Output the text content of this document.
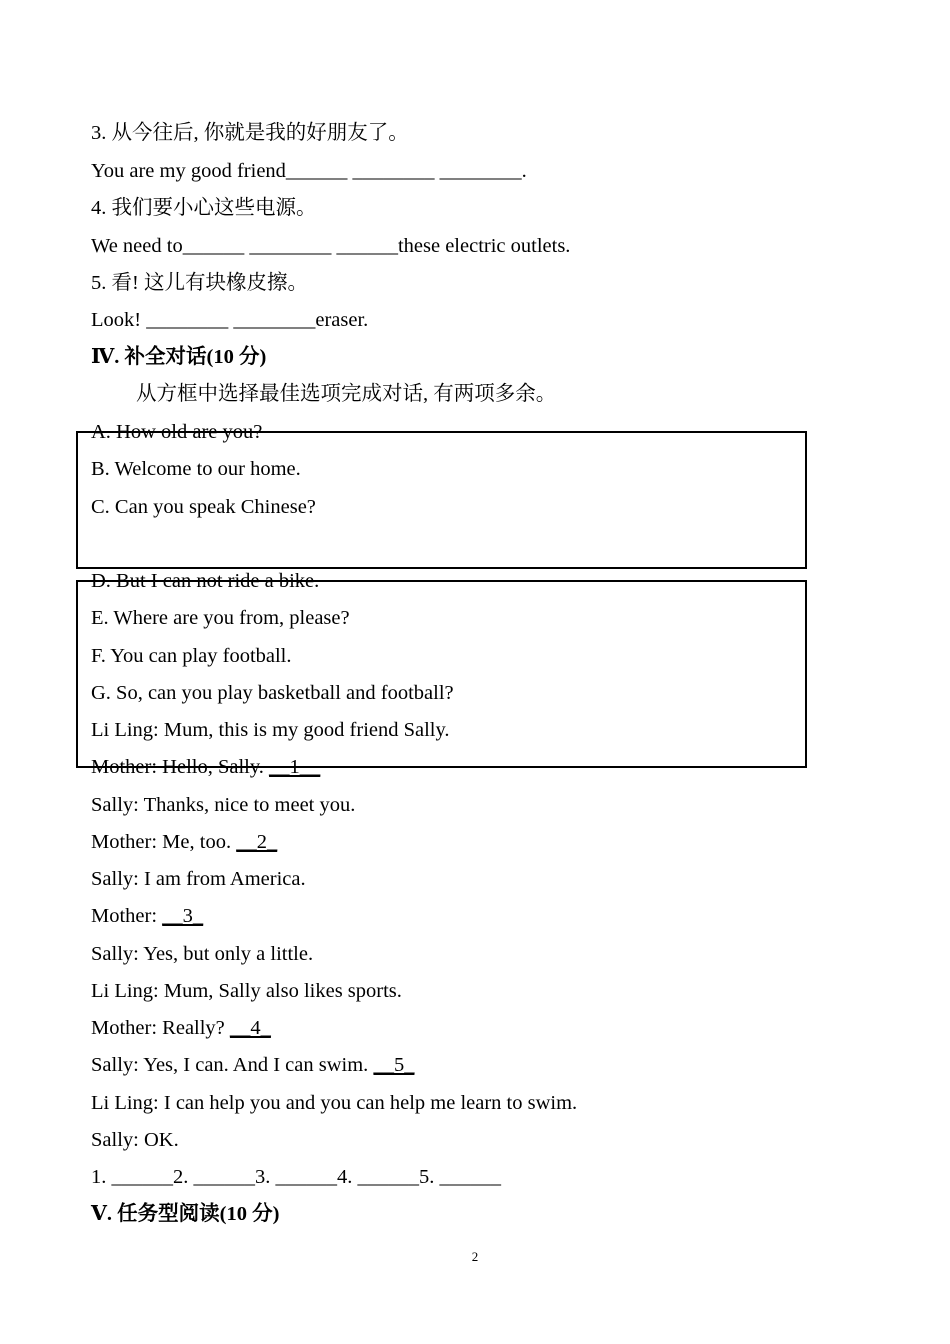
3. 从今往后, 你就是我的好朋友了。
You are my good friend______ ________ ________.
4. 我们要小心这些电源。
We need to______ ________ ______these electric outlets.
5. 看! 这儿有块橡皮擦。
Look! ________ ________eraser.
Ⅳ. 补全对话(10 分)
从方框中选择最佳选项完成对话, 有两项多余。
A. How old are you?
B. Welcome to our home.
C. Can you speak Chinese?
D. But I can not ride a bike.
E. Where are you from, please?
F. You can play football.
G. So, can you play basketball and football?
Li Ling: Mum, this is my good friend Sally.
Mother: Hello, Sally. __1__
Sally: Thanks, nice to meet you.
Mother: Me, too. __2_
Sally: I am from America.
Mother: __3_
Sally: Yes, but only a little.
Li Ling: Mum, Sally also likes sports.
Mother: Really? __4_
Sally: Yes, I can. And I can swim. __5_
Li Ling: I can help you and you can help me learn to swim.
Sally: OK.
1. ______2. ______3. ______4. ______5. ______
Ⅴ. 任务型阅读(10 分)
2
